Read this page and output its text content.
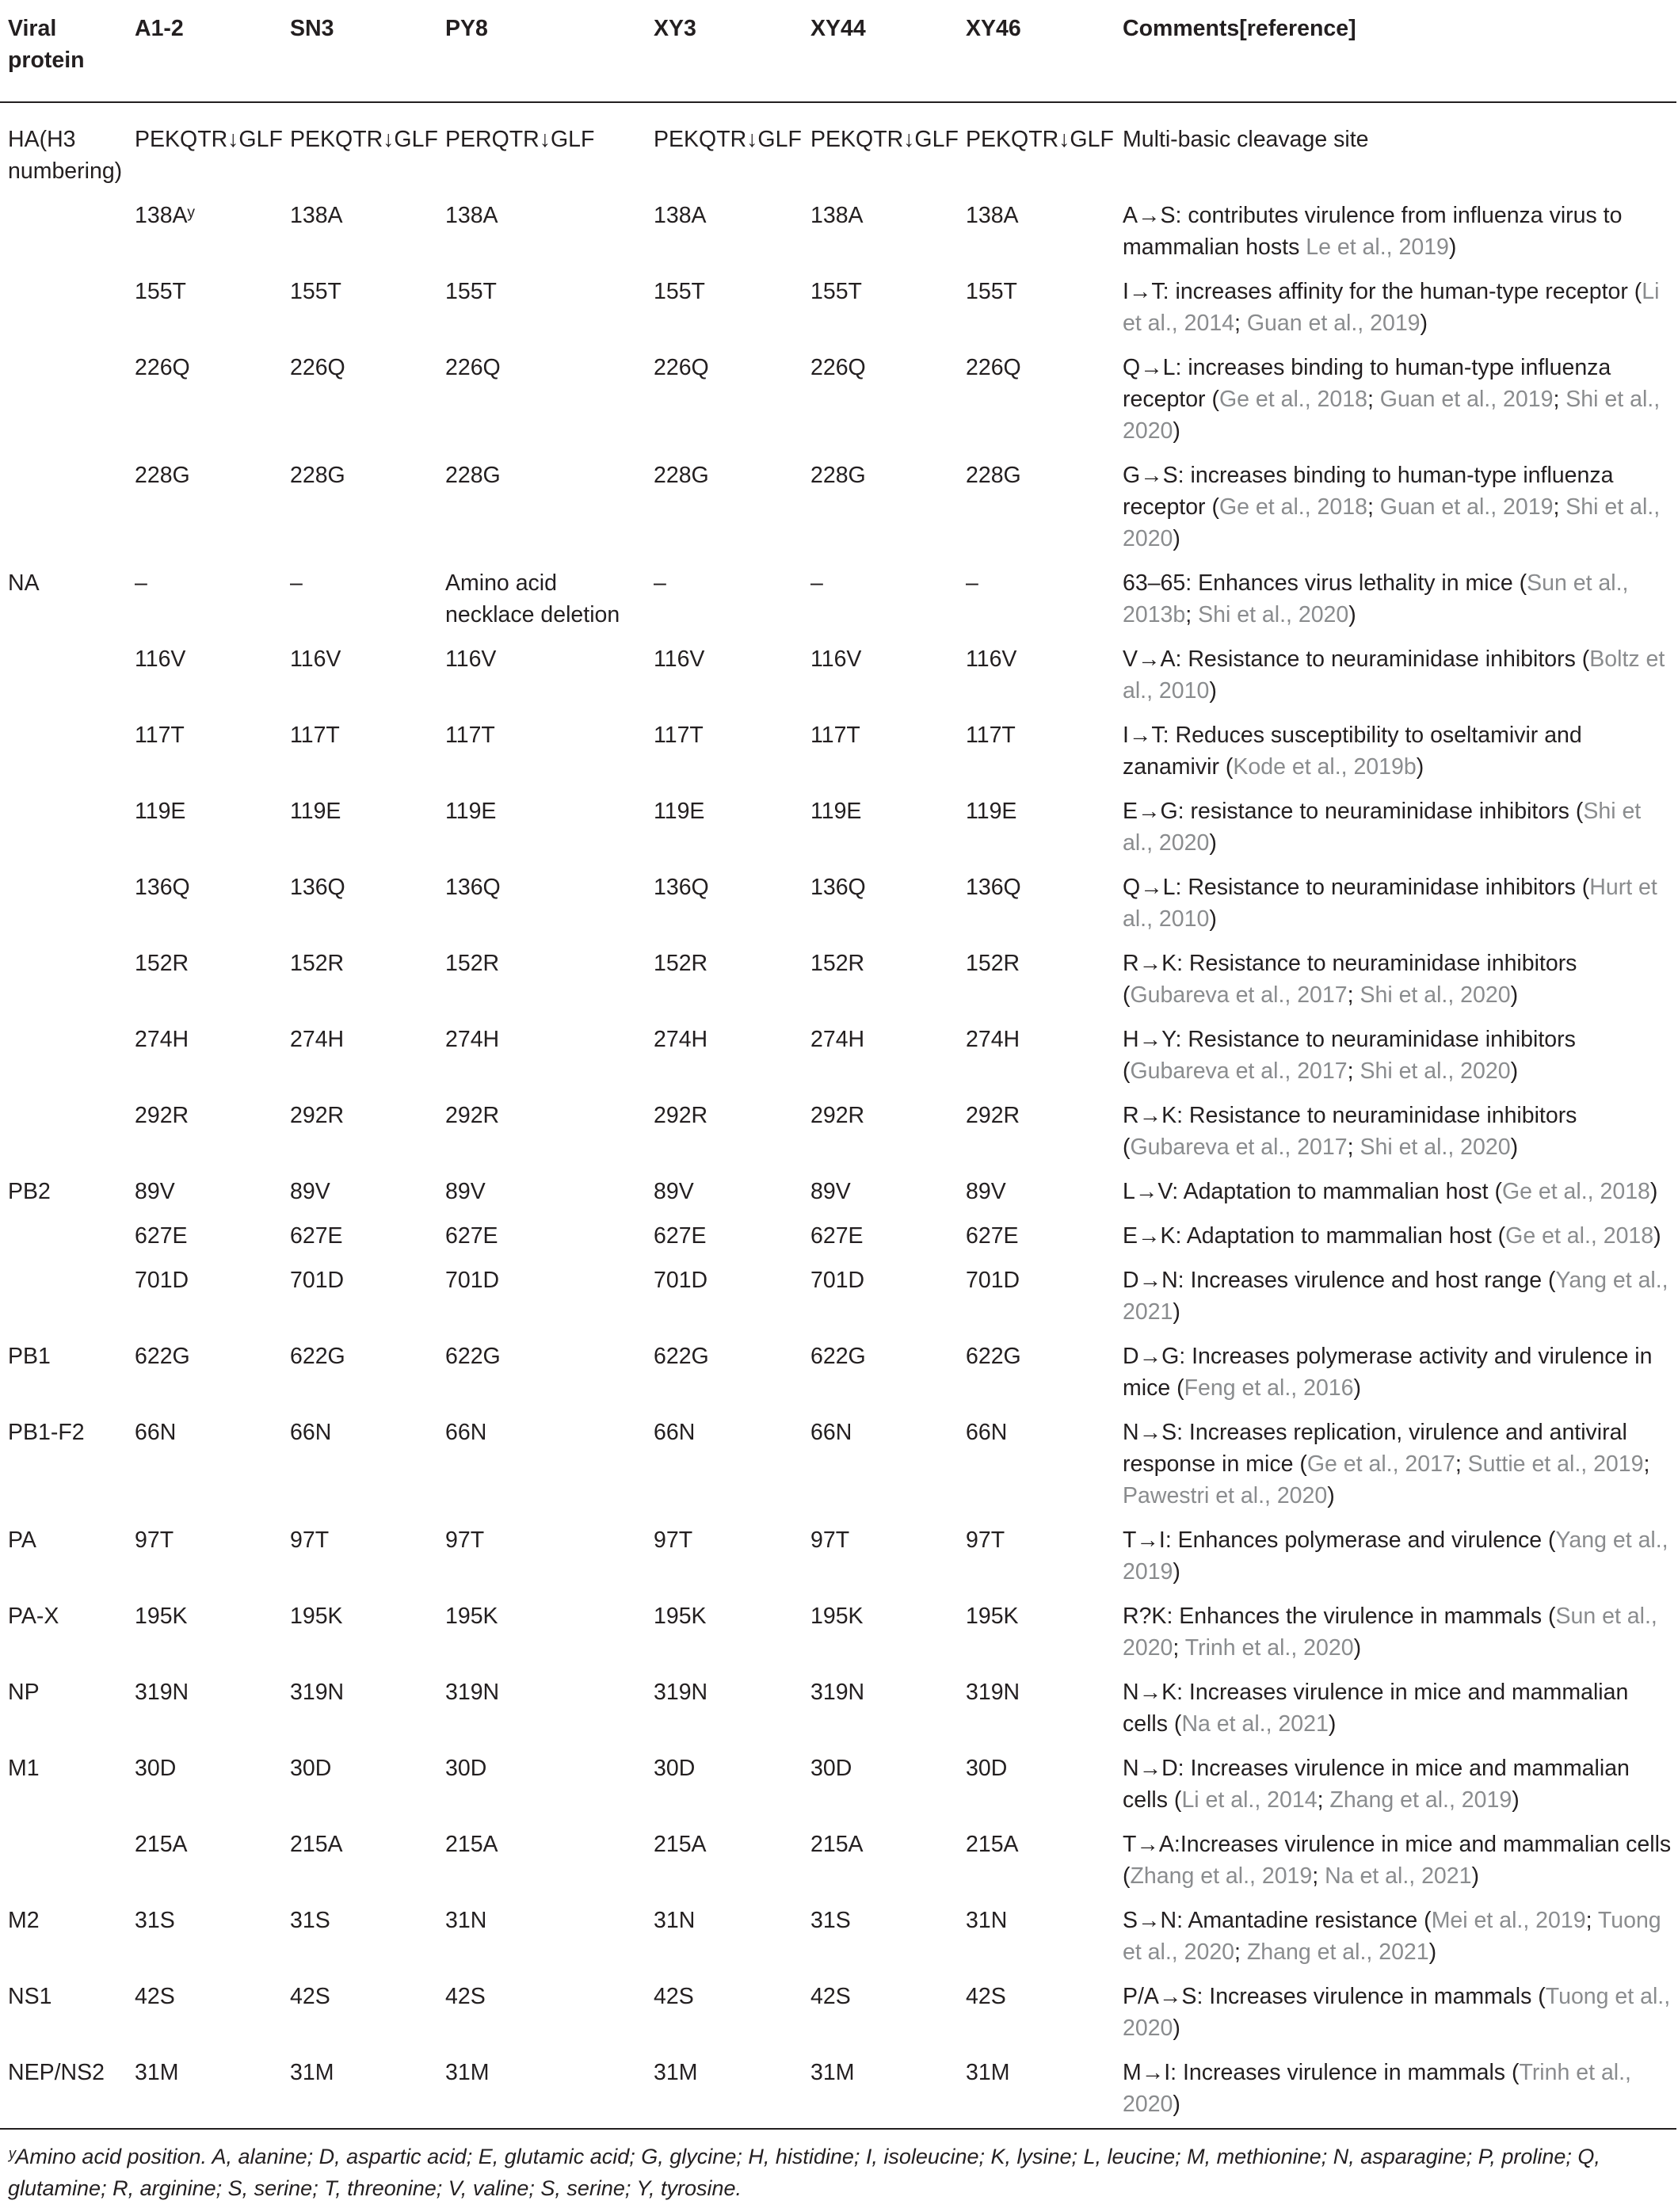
Viral protein	A1-2	SN3	PY8	XY3	XY44	XY46	Comments[reference]
HA(H3 numbering)	PEKQTR↓GLF	PEKQTR↓GLF	PERQTR↓GLF	PEKQTR↓GLF	PEKQTR↓GLF	PEKQTR↓GLF	Multi-basic cleavage site
	138Aʸ	138A	138A	138A	138A	138A	A→S: contributes virulence from influenza virus to mammalian hosts Le et al., 2019)
	155T	155T	155T	155T	155T	155T	I→T: increases affinity for the human-type receptor (Li et al., 2014; Guan et al., 2019)
	226Q	226Q	226Q	226Q	226Q	226Q	Q→L: increases binding to human-type influenza receptor (Ge et al., 2018; Guan et al., 2019; Shi et al., 2020)
	228G	228G	228G	228G	228G	228G	G→S: increases binding to human-type influenza receptor (Ge et al., 2018; Guan et al., 2019; Shi et al., 2020)
NA	–	–	Amino acid necklace deletion	–	–	–	63–65: Enhances virus lethality in mice (Sun et al., 2013b; Shi et al., 2020)
	116V	116V	116V	116V	116V	116V	V→A: Resistance to neuraminidase inhibitors (Boltz et al., 2010)
	117T	117T	117T	117T	117T	117T	I→T: Reduces susceptibility to oseltamivir and zanamivir (Kode et al., 2019b)
	119E	119E	119E	119E	119E	119E	E→G: resistance to neuraminidase inhibitors (Shi et al., 2020)
	136Q	136Q	136Q	136Q	136Q	136Q	Q→L: Resistance to neuraminidase inhibitors (Hurt et al., 2010)
	152R	152R	152R	152R	152R	152R	R→K: Resistance to neuraminidase inhibitors (Gubareva et al., 2017; Shi et al., 2020)
	274H	274H	274H	274H	274H	274H	H→Y: Resistance to neuraminidase inhibitors (Gubareva et al., 2017; Shi et al., 2020)
	292R	292R	292R	292R	292R	292R	R→K: Resistance to neuraminidase inhibitors (Gubareva et al., 2017; Shi et al., 2020)
PB2	89V	89V	89V	89V	89V	89V	L→V: Adaptation to mammalian host (Ge et al., 2018)
	627E	627E	627E	627E	627E	627E	E→K: Adaptation to mammalian host (Ge et al., 2018)
	701D	701D	701D	701D	701D	701D	D→N: Increases virulence and host range (Yang et al., 2021)
PB1	622G	622G	622G	622G	622G	622G	D→G: Increases polymerase activity and virulence in mice (Feng et al., 2016)
PB1-F2	66N	66N	66N	66N	66N	66N	N→S: Increases replication, virulence and antiviral response in mice (Ge et al., 2017; Suttie et al., 2019; Pawestri et al., 2020)
PA	97T	97T	97T	97T	97T	97T	T→I: Enhances polymerase and virulence (Yang et al., 2019)
PA-X	195K	195K	195K	195K	195K	195K	R?K: Enhances the virulence in mammals (Sun et al., 2020; Trinh et al., 2020)
NP	319N	319N	319N	319N	319N	319N	N→K: Increases virulence in mice and mammalian cells (Na et al., 2021)
M1	30D	30D	30D	30D	30D	30D	N→D: Increases virulence in mice and mammalian cells (Li et al., 2014; Zhang et al., 2019)
	215A	215A	215A	215A	215A	215A	T→A:Increases virulence in mice and mammalian cells (Zhang et al., 2019; Na et al., 2021)
M2	31S	31S	31N	31N	31S	31N	S→N: Amantadine resistance (Mei et al., 2019; Tuong et al., 2020; Zhang et al., 2021)
NS1	42S	42S	42S	42S	42S	42S	P/A→S: Increases virulence in mammals (Tuong et al., 2020)
NEP/NS2	31M	31M	31M	31M	31M	31M	M→I: Increases virulence in mammals (Trinh et al., 2020)
ʸAmino acid position. A, alanine; D, aspartic acid; E, glutamic acid; G, glycine; H, histidine; I, isoleucine; K, lysine; L, leucine; M, methionine; N, asparagine; P, proline; Q, glutamine; R, arginine; S, serine; T, threonine; V, valine; S, serine; Y, tyrosine.							
